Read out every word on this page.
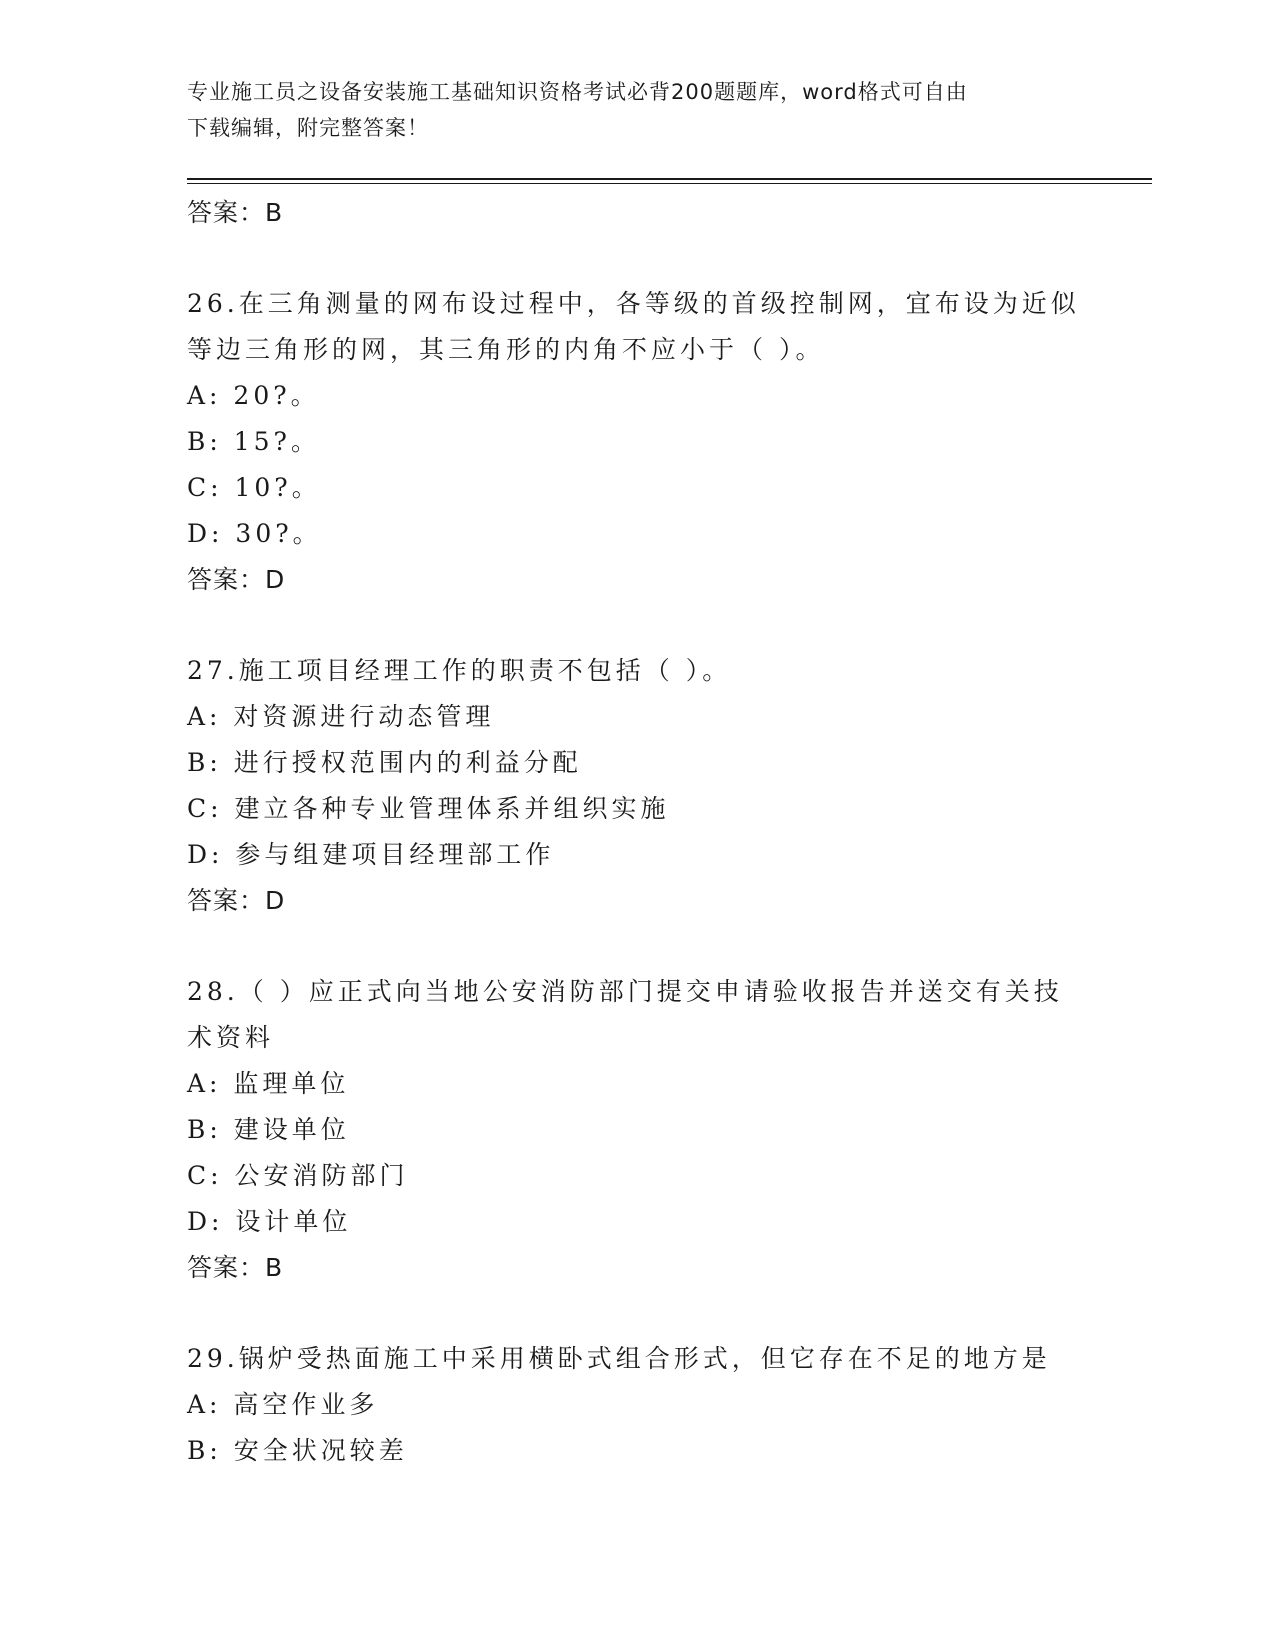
专业施工员之设备安装施工基础知识资格考试必背200题题库，word格式可自由
下载编辑，附完整答案！
答案：B
26.在三角测量的网布设过程中，各等级的首级控制网，宜布设为近似
等边三角形的网，其三角形的内角不应小于（ ）。
A: 20?。
B: 15?。
C: 10?。
D: 30?。
答案：D
27.施工项目经理工作的职责不包括（ ）。
A: 对资源进行动态管理
B: 进行授权范围内的利益分配
C: 建立各种专业管理体系并组织实施
D: 参与组建项目经理部工作
答案：D
28.（ ）应正式向当地公安消防部门提交申请验收报告并送交有关技
术资料
A: 监理单位
B: 建设单位
C: 公安消防部门
D: 设计单位
答案：B
29.锅炉受热面施工中采用横卧式组合形式，但它存在不足的地方是
A: 高空作业多
B: 安全状况较差
